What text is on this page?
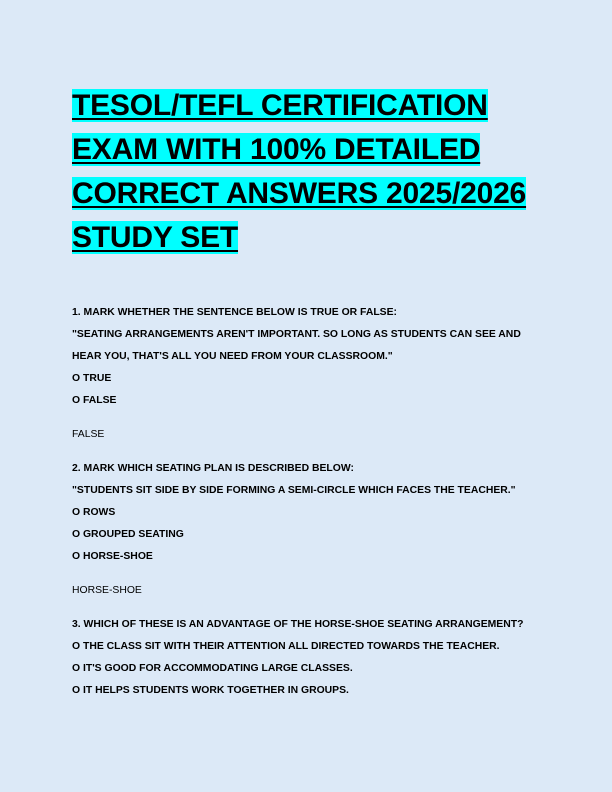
TESOL/TEFL CERTIFICATION
EXAM WITH 100% DETAILED
CORRECT ANSWERS 2025/2026
STUDY SET
1. MARK WHETHER THE SENTENCE BELOW IS TRUE OR FALSE:
"SEATING ARRANGEMENTS AREN'T IMPORTANT. SO LONG AS STUDENTS CAN SEE AND HEAR YOU, THAT'S ALL YOU NEED FROM YOUR CLASSROOM."
O TRUE
O FALSE
FALSE
2. MARK WHICH SEATING PLAN IS DESCRIBED BELOW:
"STUDENTS SIT SIDE BY SIDE FORMING A SEMI-CIRCLE WHICH FACES THE TEACHER."
O ROWS
O GROUPED SEATING
O HORSE-SHOE
HORSE-SHOE
3. WHICH OF THESE IS AN ADVANTAGE OF THE HORSE-SHOE SEATING ARRANGEMENT?
O THE CLASS SIT WITH THEIR ATTENTION ALL DIRECTED TOWARDS THE TEACHER.
O IT'S GOOD FOR ACCOMMODATING LARGE CLASSES.
O IT HELPS STUDENTS WORK TOGETHER IN GROUPS.
